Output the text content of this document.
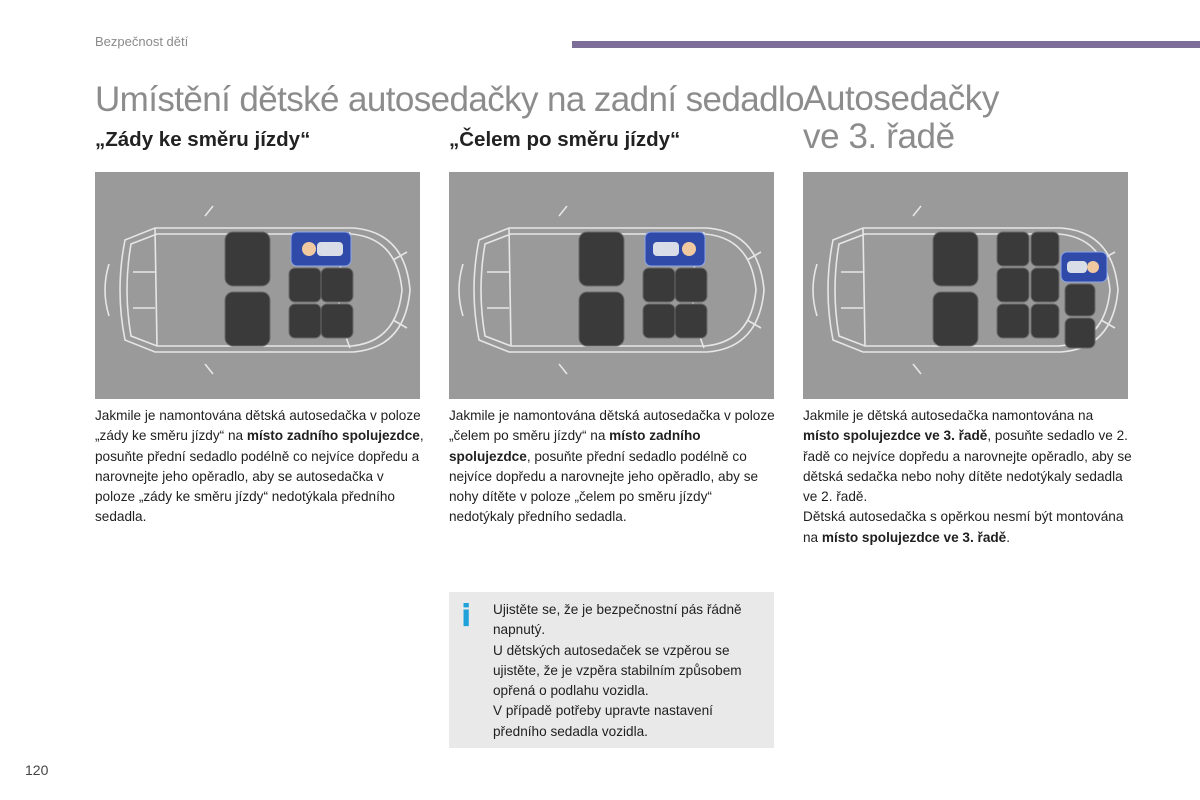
Bezpečnost dětí
Umístění dětské autosedačky na zadní sedadlo
Autosedačky
ve 3. řadě
„Zády ke směru jízdy“	„Čelem po směru jízdy“

Jakmile je namontována dětská autosedačka v poloze „zády ke směru jízdy“ na místo zadního spolujezdce, posuňte přední sedadlo podélně co nejvíce dopředu a narovnejte jeho opěradlo, aby se autosedačka v poloze „zády ke směru jízdy“ nedotýkala předního sedadla.

Jakmile je namontována dětská autosedačka v poloze „čelem po směru jízdy“ na místo zadního spolujezdce, posuňte přední sedadlo podélně co nejvíce dopředu a narovnejte jeho opěradlo, aby se nohy dítěte v poloze „čelem po směru jízdy“ nedotýkaly předního sedadla.

Jakmile je dětská autosedačka namontována na místo spolujezdce ve 3. řadě, posuňte sedadlo ve 2. řadě co nejvíce dopředu a narovnejte opěradlo, aby se dětská sedačka nebo nohy dítěte nedotýkaly sedadla ve 2. řadě.

Dětská autosedačka s opěrkou nesmí být montována na místo spolujezdce ve 3. řadě.

i Ujistěte se, že je bezpečnostní pás řádně napnutý.

U dětských autosedaček se vzpěrou se ujistěte, že je vzpěra stabilním způsobem opřená o podlahu vozidla.

V případě potřeby upravte nastavení předního sedadla vozidla.

120
